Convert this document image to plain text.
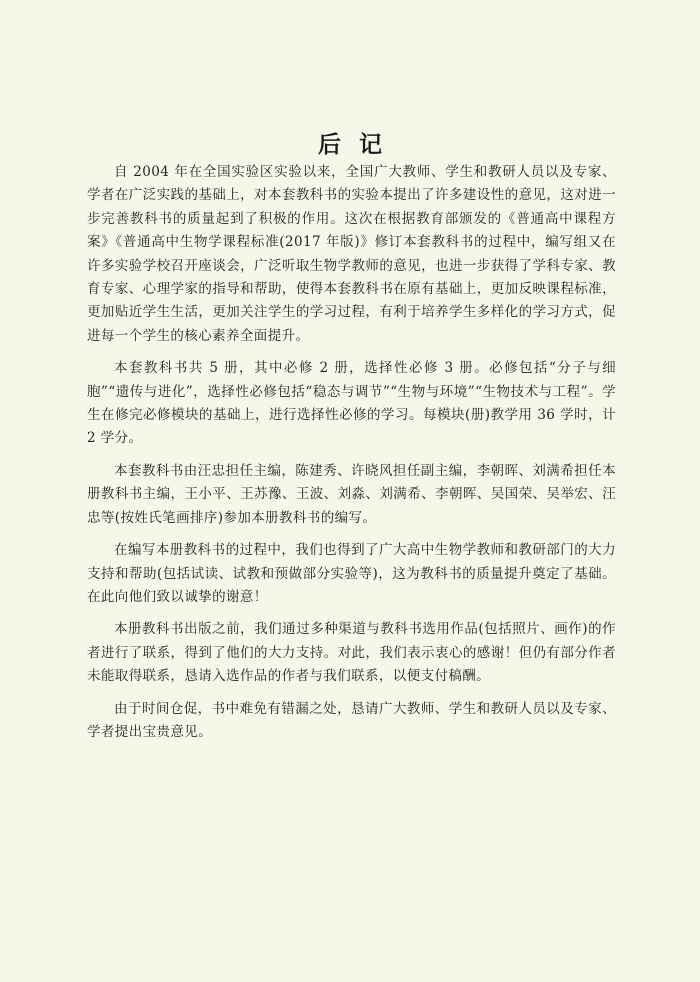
后记

自 2004 年在全国实验区实验以来，全国广大教师、学生和教研人员以及专家、学者在广泛实践的基础上，对本套教科书的实验本提出了许多建设性的意见，这对进一步完善教科书的质量起到了积极的作用。这次在根据教育部颁发的《普通高中课程方案》《普通高中生物学课程标准(2017 年版)》修订本套教科书的过程中，编写组又在许多实验学校召开座谈会，广泛听取生物学教师的意见，也进一步获得了学科专家、教育专家、心理学家的指导和帮助，使得本套教科书在原有基础上，更加反映课程标准，更加贴近学生生活，更加关注学生的学习过程，有利于培养学生多样化的学习方式，促进每一个学生的核心素养全面提升。

本套教科书共 5 册，其中必修 2 册，选择性必修 3 册。必修包括“分子与细胞”“遗传与进化”，选择性必修包括“稳态与调节”“生物与环境”“生物技术与工程”。学生在修完必修模块的基础上，进行选择性必修的学习。每模块(册)教学用 36 学时，计 2 学分。

本套教科书由汪忠担任主编，陈建秀、许晓风担任副主编，李朝晖、刘满希担任本册教科书主编，王小平、王苏豫、王波、刘淼、刘满希、李朝晖、吴国荣、吴举宏、汪忠等(按姓氏笔画排序)参加本册教科书的编写。

在编写本册教科书的过程中，我们也得到了广大高中生物学教师和教研部门的大力支持和帮助(包括试读、试教和预做部分实验等)，这为教科书的质量提升奠定了基础。在此向他们致以诚挚的谢意！

本册教科书出版之前，我们通过多种渠道与教科书选用作品(包括照片、画作)的作者进行了联系，得到了他们的大力支持。对此，我们表示衷心的感谢！但仍有部分作者未能取得联系，恳请入选作品的作者与我们联系，以便支付稿酬。

由于时间仓促，书中难免有错漏之处，恳请广大教师、学生和教研人员以及专家、学者提出宝贵意见。
